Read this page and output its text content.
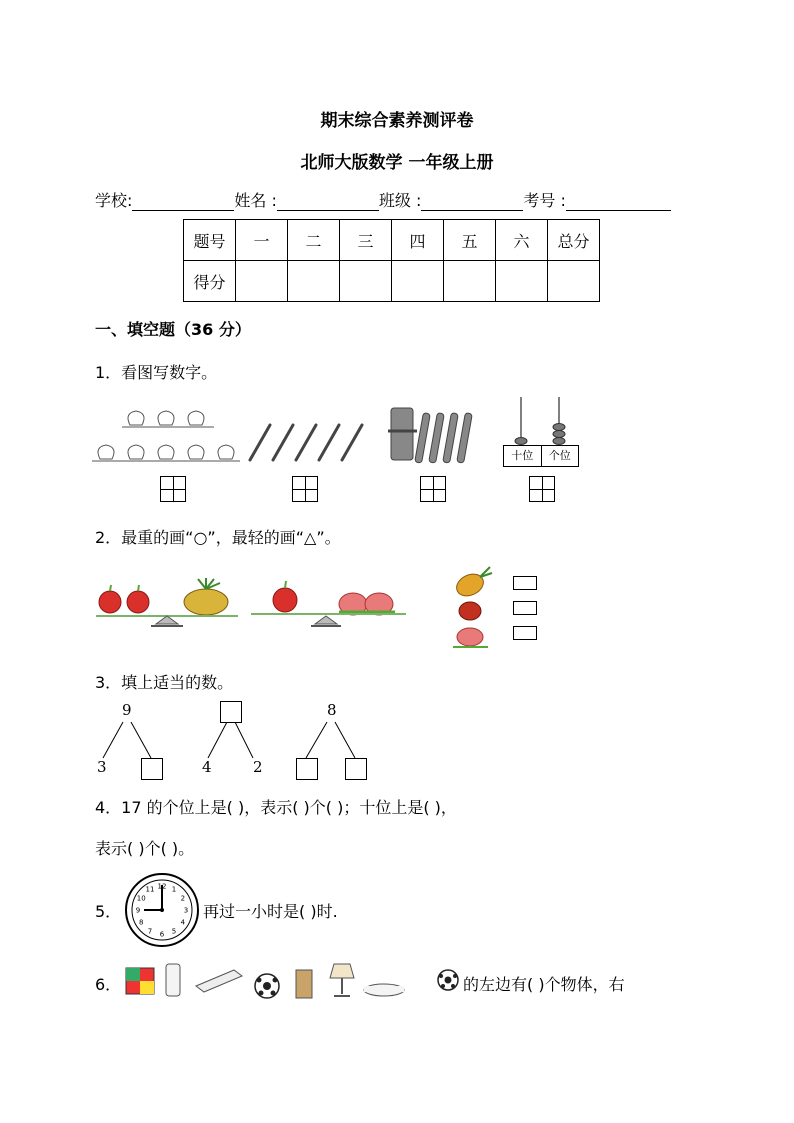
期末综合素养测评卷
北师大版数学 一年级上册
学校:	姓名 :	班级 :	考号 :
题号	一	二	三	四	五	六	总分
得分							
一、填空题（36 分）
1．看图写数字。
十位	个位
2．最重的画“○”，最轻的画“△”。
3．填上适当的数。
9
3	4	2
8
4．17 的个位上是( )，表示( )个( )；十位上是( )，
表示( )个( )。
5．
12 1
2
3
4
5
6
7
8
9
10
11
再过一小时是( )时.
6．	的左边有( )个物体，右
